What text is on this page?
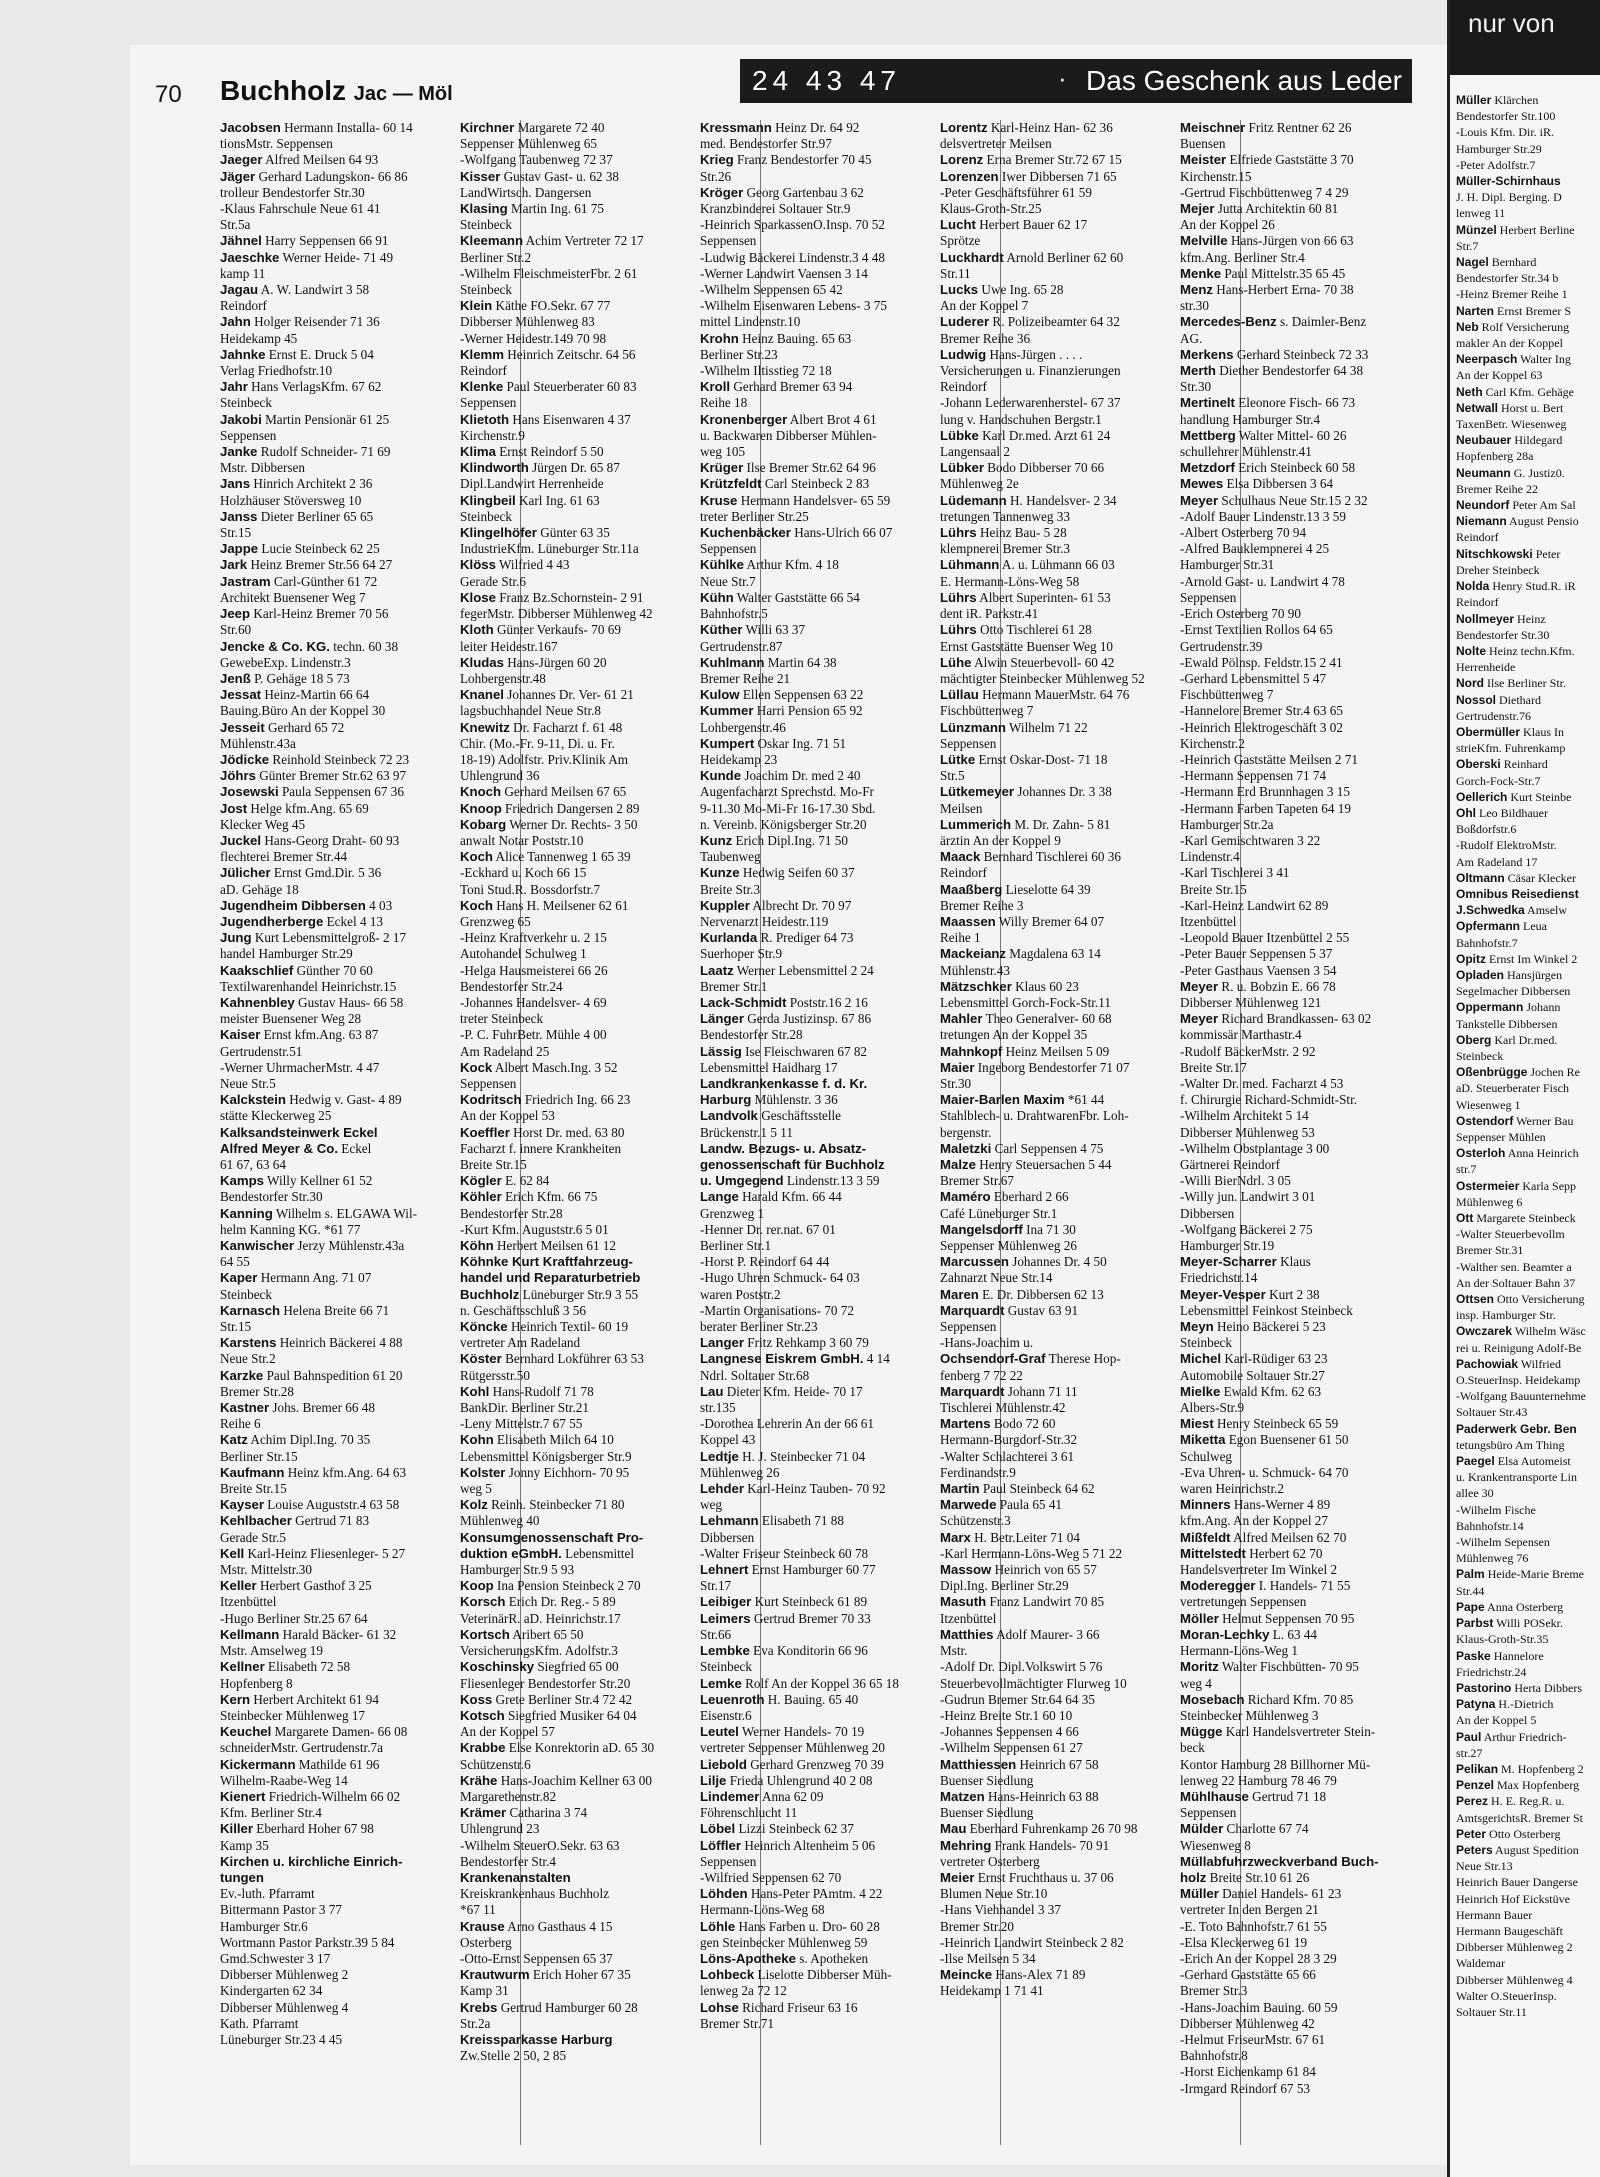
70 Buchholz Jac — Möl	24 43 47	· Das Geschenk aus Leder
Jacobsen Hermann Installa- 60 14
tionsMstr. Seppensen
Jaeger Alfred Meilsen 64 93
Jäger Gerhard Ladungskon- 66 86
trolleur Bendestorfer Str.30
-Klaus Fahrschule Neue 61 41
Str.5a
Jähnel Harry Seppensen 66 91
Jaeschke Werner Heide- 71 49
kamp 11
Jagau A. W. Landwirt 3 58
Reindorf
Jahn Holger Reisender 71 36
Heidekamp 45
Jahnke Ernst E. Druck 5 04
Verlag Friedhofstr.10
Jahr Hans VerlagsKfm. 67 62
Steinbeck
Jakobi Martin Pensionär 61 25
Seppensen
Janke Rudolf Schneider- 71 69
Mstr. Dibbersen
Jans Hinrich Architekt 2 36
Holzhäuser Stöversweg 10
Janss Dieter Berliner 65 65
Str.15
Jappe Lucie Steinbeck 62 25
Jark Heinz Bremer Str.56 64 27
Jastram Carl-Günther 61 72
Architekt Buensener Weg 7
Jeep Karl-Heinz Bremer 70 56
Str.60
Jencke & Co. KG. techn. 60 38
GewebeExp. Lindenstr.3
Jenß P. Gehäge 18 5 73
Jessat Heinz-Martin 66 64
Bauing.Büro An der Koppel 30
Jesseit Gerhard 65 72
Mühlenstr.43a
Jödicke Reinhold Steinbeck 72 23
Jöhrs Günter Bremer Str.62 63 97
Josewski Paula Seppensen 67 36
Jost Helge kfm.Ang. 65 69
Klecker Weg 45
Juckel Hans-Georg Draht- 60 93
flechterei Bremer Str.44
Jülicher Ernst Gmd.Dir. 5 36
aD. Gehäge 18
Jugendheim Dibbersen 4 03
Jugendherberge Eckel 4 13
Jung Kurt Lebensmittelgroß- 2 17
handel Hamburger Str.29
Kaakschlief Günther 70 60
Textilwarenhandel Heinrichstr.15
Kahnenbley Gustav Haus- 66 58
meister Buensener Weg 28
Kaiser Ernst kfm.Ang. 63 87
Gertrudenstr.51
-Werner UhrmacherMstr. 4 47
Neue Str.5
Kalckstein Hedwig v. Gast- 4 89
stätte Kleckerweg 25
Kalksandsteinwerk Eckel
Alfred Meyer & Co. Eckel
61 67, 63 64
Kamps Willy Kellner 61 52
Bendestorfer Str.30
Kanning Wilhelm s. ELGAWA Wil-
helm Kanning KG. *61 77
Kanwischer Jerzy Mühlenstr.43a
64 55
Kaper Hermann Ang. 71 07
Steinbeck
Karnasch Helena Breite 66 71
Str.15
Karstens Heinrich Bäckerei 4 88
Neue Str.2
Karzke Paul Bahnspedition 61 20
Bremer Str.28
Kastner Johs. Bremer 66 48
Reihe 6
Katz Achim Dipl.Ing. 70 35
Berliner Str.15
Kaufmann Heinz kfm.Ang. 64 63
Breite Str.15
Kayser Louise Auguststr.4 63 58
Kehlbacher Gertrud 71 83
Gerade Str.5
Kell Karl-Heinz Fliesenleger- 5 27
Mstr. Mittelstr.30
Keller Herbert Gasthof 3 25
Itzenbüttel
-Hugo Berliner Str.25 67 64
Kellmann Harald Bäcker- 61 32
Mstr. Amselweg 19
Kellner Elisabeth 72 58
Hopfenberg 8
Kern Herbert Architekt 61 94
Steinbecker Mühlenweg 17
Keuchel Margarete Damen- 66 08
schneiderMstr. Gertrudenstr.7a
Kickermann Mathilde 61 96
Wilhelm-Raabe-Weg 14
Kienert Friedrich-Wilhelm 66 02
Kfm. Berliner Str.4
Killer Eberhard Hoher 67 98
Kamp 35
Kirchen u. kirchliche Einrich-
tungen
Ev.-luth. Pfarramt
Bittermann Pastor 3 77
Hamburger Str.6
Wortmann Pastor Parkstr.39 5 84
Gmd.Schwester 3 17
Dibberser Mühlenweg 2
Kindergarten 62 34
Dibberser Mühlenweg 4
Kath. Pfarramt
Lüneburger Str.23 4 45
Kirchner Margarete 72 40
Seppenser Mühlenweg 65
-Wolfgang Taubenweg 72 37
Kisser Gustav Gast- u. 62 38
LandWirtsch. Dangersen
Klasing Martin Ing. 61 75
Steinbeck
Kleemann Achim Vertreter 72 17
Berliner Str.2
-Wilhelm FleischmeisterFbr. 2 61
Steinbeck
Klein Käthe FO.Sekr. 67 77
Dibberser Mühlenweg 83
-Werner Heidestr.149 70 98
Klemm Heinrich Zeitschr. 64 56
Reindorf
Klenke Paul Steuerberater 60 83
Seppensen
Klietoth Hans Eisenwaren 4 37
Kirchenstr.9
Klima Ernst Reindorf 5 50
Klindworth Jürgen Dr. 65 87
Dipl.Landwirt Herrenheide
Klingbeil Karl Ing. 61 63
Steinbeck
Klingelhöfer Günter 63 35
IndustrieKfm. Lüneburger Str.11a
Klöss Wilfried 4 43
Gerade Str.6
Klose Franz Bz.Schornstein- 2 91
fegerMstr. Dibberser Mühlenweg 42
Kloth Günter Verkaufs- 70 69
leiter Heidestr.167
Kludas Hans-Jürgen 60 20
Lohbergenstr.48
Knanel Johannes Dr. Ver- 61 21
lagsbuchhandel Neue Str.8
Knewitz Dr. Facharzt f. 61 48
Chir. (Mo.-Fr. 9-11, Di. u. Fr.
18-19) Adolfstr. Priv.Klinik Am
Uhlengrund 36
Knoch Gerhard Meilsen 67 65
Knoop Friedrich Dangersen 2 89
Kobarg Werner Dr. Rechts- 3 50
anwalt Notar Poststr.10
Koch Alice Tannenweg 1 65 39
-Eckhard u. Koch 66 15
Toni Stud.R. Bossdorfstr.7
Koch Hans H. Meilsener 62 61
Grenzweg 65
-Heinz Kraftverkehr u. 2 15
Autohandel Schulweg 1
-Helga Hausmeisterei 66 26
Bendestorfer Str.24
-Johannes Handelsver- 4 69
treter Steinbeck
-P. C. FuhrBetr. Mühle 4 00
Am Radeland 25
Kock Albert Masch.Ing. 3 52
Seppensen
Kodritsch Friedrich Ing. 66 23
An der Koppel 53
Koeffler Horst Dr. med. 63 80
Facharzt f. innere Krankheiten
Breite Str.15
Kögler E. 62 84
Köhler Erich Kfm. 66 75
Bendestorfer Str.28
-Kurt Kfm. Auguststr.6 5 01
Köhn Herbert Meilsen 61 12
Köhnke Kurt Kraftfahrzeug-
handel und Reparaturbetrieb
Buchholz Lüneburger Str.9 3 55
n. Geschäftsschluß 3 56
Köncke Heinrich Textil- 60 19
vertreter Am Radeland
Köster Bernhard Lokführer 63 53
Rütgersstr.50
Kohl Hans-Rudolf 71 78
BankDir. Berliner Str.21
-Leny Mittelstr.7 67 55
Kohn Elisabeth Milch 64 10
Lebensmittel Königsberger Str.9
Kolster Jonny Eichhorn- 70 95
weg 5
Kolz Reinh. Steinbecker 71 80
Mühlenweg 40
Konsumgenossenschaft Pro-
duktion eGmbH. Lebensmittel
Hamburger Str.9 5 93
Koop Ina Pension Steinbeck 2 70
Korsch Erich Dr. Reg.- 5 89
VeterinärR. aD. Heinrichstr.17
Kortsch Aribert 65 50
VersicherungsKfm. Adolfstr.3
Koschinsky Siegfried 65 00
Fliesenleger Bendestorfer Str.20
Koss Grete Berliner Str.4 72 42
Kotsch Siegfried Musiker 64 04
An der Koppel 57
Krabbe Else Konrektorin aD. 65 30
Schützenstr.6
Krähe Hans-Joachim Kellner 63 00
Margarethenstr.82
Krämer Catharina 3 74
Uhlengrund 23
-Wilhelm SteuerO.Sekr. 63 63
Bendestorfer Str.4
Krankenanstalten
Kreiskrankenhaus Buchholz
*67 11
Krause Arno Gasthaus 4 15
Osterberg
-Otto-Ernst Seppensen 65 37
Krautwurm Erich Hoher 67 35
Kamp 31
Krebs Gertrud Hamburger 60 28
Str.2a
Kreissparkasse Harburg
Zw.Stelle 2 50, 2 85
Kressmann Heinz Dr. 64 92
med. Bendestorfer Str.97
Krieg Franz Bendestorfer 70 45
Str.26
Kröger Georg Gartenbau 3 62
Kranzbinderei Soltauer Str.9
-Heinrich SparkassenO.Insp. 70 52
Seppensen
-Ludwig Bäckerei Lindenstr.3 4 48
-Werner Landwirt Vaensen 3 14
-Wilhelm Seppensen 65 42
-Wilhelm Eisenwaren Lebens- 3 75
mittel Lindenstr.10
Krohn Heinz Bauing. 65 63
Berliner Str.23
-Wilhelm Iltisstieg 72 18
Kroll Gerhard Bremer 63 94
Reihe 18
Kronenberger Albert Brot 4 61
u. Backwaren Dibberser Mühlen-
weg 105
Krüger Ilse Bremer Str.62 64 96
Krützfeldt Carl Steinbeck 2 83
Kruse Hermann Handelsver- 65 59
treter Berliner Str.25
Kuchenbäcker Hans-Ulrich 66 07
Seppensen
Kühlke Arthur Kfm. 4 18
Neue Str.7
Kühn Walter Gaststätte 66 54
Bahnhofstr.5
Küther Willi 63 37
Gertrudenstr.87
Kuhlmann Martin 64 38
Bremer Reihe 21
Kulow Ellen Seppensen 63 22
Kummer Harri Pension 65 92
Lohbergenstr.46
Kumpert Oskar Ing. 71 51
Heidekamp 23
Kunde Joachim Dr. med 2 40
Augenfacharzt Sprechstd. Mo-Fr
9-11.30 Mo-Mi-Fr 16-17.30 Sbd.
n. Vereinb. Königsberger Str.20
Kunz Erich Dipl.Ing. 71 50
Taubenweg
Kunze Hedwig Seifen 60 37
Breite Str.3
Kuppler Albrecht Dr. 70 97
Nervenarzt Heidestr.119
Kurlanda R. Prediger 64 73
Suerhoper Str.9
Laatz Werner Lebensmittel 2 24
Bremer Str.1
Lack-Schmidt Poststr.16 2 16
Länger Gerda Justizinsp. 67 86
Bendestorfer Str.28
Lässig Ise Fleischwaren 67 82
Lebensmittel Haidharg 17
Landkrankenkasse f. d. Kr.
Harburg Mühlenstr. 3 36
Landvolk Geschäftsstelle
Brückenstr.1 5 11
Landw. Bezugs- u. Absatz-
genossenschaft für Buchholz
u. Umgegend Lindenstr.13 3 59
Lange Harald Kfm. 66 44
Grenzweg 1
-Henner Dr. rer.nat. 67 01
Berliner Str.1
-Horst P. Reindorf 64 44
-Hugo Uhren Schmuck- 64 03
waren Poststr.2
-Martin Organisations- 70 72
berater Berliner Str.23
Langer Fritz Rehkamp 3 60 79
Langnese Eiskrem GmbH. 4 14
Ndrl. Soltauer Str.68
Lau Dieter Kfm. Heide- 70 17
str.135
-Dorothea Lehrerin An der 66 61
Koppel 43
Ledtje H. J. Steinbecker 71 04
Mühlenweg 26
Lehder Karl-Heinz Tauben- 70 92
weg
Lehmann Elisabeth 71 88
Dibbersen
-Walter Friseur Steinbeck 60 78
Lehnert Ernst Hamburger 60 77
Str.17
Leibiger Kurt Steinbeck 61 89
Leimers Gertrud Bremer 70 33
Str.66
Lembke Eva Konditorin 66 96
Steinbeck
Lemke Rolf An der Koppel 36 65 18
Leuenroth H. Bauing. 65 40
Eisenstr.6
Leutel Werner Handels- 70 19
vertreter Seppenser Mühlenweg 20
Liebold Gerhard Grenzweg 70 39
Lilje Frieda Uhlengrund 40 2 08
Lindemer Anna 62 09
Föhrenschlucht 11
Löbel Lizzi Steinbeck 62 37
Löffler Heinrich Altenheim 5 06
Seppensen
-Wilfried Seppensen 62 70
Löhden Hans-Peter PAmtm. 4 22
Hermann-Löns-Weg 68
Löhle Hans Farben u. Dro- 60 28
gen Steinbecker Mühlenweg 59
Löns-Apotheke s. Apotheken
Lohbeck Liselotte Dibberser Müh-
lenweg 2a 72 12
Lohse Richard Friseur 63 16
Bremer Str.71
Lorentz Karl-Heinz Han- 62 36
delsvertreter Meilsen
Lorenz Erna Bremer Str.72 67 15
Lorenzen Iwer Dibbersen 71 65
-Peter Geschäftsführer 61 59
Klaus-Groth-Str.25
Lucht Herbert Bauer 62 17
Sprötze
Luckhardt Arnold Berliner 62 60
Str.11
Lucks Uwe Ing. 65 28
An der Koppel 7
Luderer R. Polizeibeamter 64 32
Bremer Reihe 36
Ludwig Hans-Jürgen . . . .
Versicherungen u. Finanzierungen
Reindorf
-Johann Lederwarenherstel- 67 37
lung v. Handschuhen Bergstr.1
Lübke Karl Dr.med. Arzt 61 24
Langensaal 2
Lübker Bodo Dibberser 70 66
Mühlenweg 2e
Lüdemann H. Handelsver- 2 34
tretungen Tannenweg 33
Lührs Heinz Bau- 5 28
klempnerei Bremer Str.3
Lühmann A. u. Lühmann 66 03
E. Hermann-Löns-Weg 58
Lührs Albert Superinten- 61 53
dent iR. Parkstr.41
Lührs Otto Tischlerei 61 28
Ernst Gaststätte Buenser Weg 10
Lühe Alwin Steuerbevoll- 60 42
mächtigter Steinbecker Mühlenweg 52
Lüllau Hermann MauerMstr. 64 76
Fischbüttenweg 7
Lünzmann Wilhelm 71 22
Seppensen
Lütke Ernst Oskar-Dost- 71 18
Str.5
Lütkemeyer Johannes Dr. 3 38
Meilsen
Lummerich M. Dr. Zahn- 5 81
ärztin An der Koppel 9
Maack Bernhard Tischlerei 60 36
Reindorf
Maaßberg Lieselotte 64 39
Bremer Reihe 3
Maassen Willy Bremer 64 07
Reihe 1
Mackeianz Magdalena 63 14
Mühlenstr.43
Mätzschker Klaus 60 23
Lebensmittel Gorch-Fock-Str.11
Mahler Theo Generalver- 60 68
tretungen An der Koppel 35
Mahnkopf Heinz Meilsen 5 09
Maier Ingeborg Bendestorfer 71 07
Str.30
Maier-Barlen Maxim *61 44
Stahlblech- u. DrahtwarenFbr. Loh-
bergenstr.
Maletzki Carl Seppensen 4 75
Malze Henry Steuersachen 5 44
Bremer Str.67
Maméro Eberhard 2 66
Café Lüneburger Str.1
Mangelsdorff Ina 71 30
Seppenser Mühlenweg 26
Marcussen Johannes Dr. 4 50
Zahnarzt Neue Str.14
Maren E. Dr. Dibbersen 62 13
Marquardt Gustav 63 91
Seppensen
-Hans-Joachim u.
Ochsendorf-Graf Therese Hop-
fenberg 7 72 22
Marquardt Johann 71 11
Tischlerei Mühlenstr.42
Martens Bodo 72 60
Hermann-Burgdorf-Str.32
-Walter Schlachterei 3 61
Ferdinandstr.9
Martin Paul Steinbeck 64 62
Marwede Paula 65 41
Schützenstr.3
Marx H. Betr.Leiter 71 04
-Karl Hermann-Löns-Weg 5 71 22
Massow Heinrich von 65 57
Dipl.Ing. Berliner Str.29
Masuth Franz Landwirt 70 85
Itzenbüttel
Matthies Adolf Maurer- 3 66
Mstr.
-Adolf Dr. Dipl.Volkswirt 5 76
Steuerbevollmächtigter Flurweg 10
-Gudrun Bremer Str.64 64 35
-Heinz Breite Str.1 60 10
-Johannes Seppensen 4 66
-Wilhelm Seppensen 61 27
Matthiessen Heinrich 67 58
Buenser Siedlung
Matzen Hans-Heinrich 63 88
Buenser Siedlung
Mau Eberhard Fuhrenkamp 26 70 98
Mehring Frank Handels- 70 91
vertreter Osterberg
Meier Ernst Fruchthaus u. 37 06
Blumen Neue Str.10
-Hans Viehhandel 3 37
Bremer Str.20
-Heinrich Landwirt Steinbeck 2 82
-Ilse Meilsen 5 34
Meincke Hans-Alex 71 89
Heidekamp 1 71 41
Meischner Fritz Rentner 62 26
Buensen
Meister Elfriede Gaststätte 3 70
Kirchenstr.15
-Gertrud Fischbüttenweg 7 4 29
Mejer Jutta Architektin 60 81
An der Koppel 26
Melville Hans-Jürgen von 66 63
kfm.Ang. Berliner Str.4
Menke Paul Mittelstr.35 65 45
Menz Hans-Herbert Erna- 70 38
str.30
Mercedes-Benz s. Daimler-Benz
AG.
Merkens Gerhard Steinbeck 72 33
Merth Diether Bendestorfer 64 38
Str.30
Mertinelt Eleonore Fisch- 66 73
handlung Hamburger Str.4
Mettberg Walter Mittel- 60 26
schullehrer Mühlenstr.41
Metzdorf Erich Steinbeck 60 58
Mewes Elsa Dibbersen 3 64
Meyer Schulhaus Neue Str.15 2 32
-Adolf Bauer Lindenstr.13 3 59
-Albert Osterberg 70 94
-Alfred Bauklempnerei 4 25
Hamburger Str.31
-Arnold Gast- u. Landwirt 4 78
Seppensen
-Erich Osterberg 70 90
-Ernst Textilien Rollos 64 65
Gertrudenstr.39
-Ewald Pölnsp. Feldstr.15 2 41
-Gerhard Lebensmittel 5 47
Fischbüttenweg 7
-Hannelore Bremer Str.4 63 65
-Heinrich Elektrogeschäft 3 02
Kirchenstr.2
-Heinrich Gaststätte Meilsen 2 71
-Hermann Seppensen 71 74
-Hermann Erd Brunnhagen 3 15
-Hermann Farben Tapeten 64 19
Hamburger Str.2a
-Karl Gemischtwaren 3 22
Lindenstr.4
-Karl Tischlerei 3 41
Breite Str.15
-Karl-Heinz Landwirt 62 89
Itzenbüttel
-Leopold Bauer Itzenbüttel 2 55
-Peter Bauer Seppensen 5 37
-Peter Gasthaus Vaensen 3 54
Meyer R. u. Bobzin E. 66 78
Dibberser Mühlenweg 121
Meyer Richard Brandkassen- 63 02
kommissär Marthastr.4
-Rudolf BäckerMstr. 2 92
Breite Str.17
-Walter Dr. med. Facharzt 4 53
f. Chirurgie Richard-Schmidt-Str.
-Wilhelm Architekt 5 14
Dibberser Mühlenweg 53
-Wilhelm Obstplantage 3 00
Gärtnerei Reindorf
-Willi BierNdrl. 3 05
-Willy jun. Landwirt 3 01
Dibbersen
-Wolfgang Bäckerei 2 75
Hamburger Str.19
Meyer-Scharrer Klaus
Friedrichstr.14
Meyer-Vesper Kurt 2 38
Lebensmittel Feinkost Steinbeck
Meyn Heino Bäckerei 5 23
Steinbeck
Michel Karl-Rüdiger 63 23
Automobile Soltauer Str.27
Mielke Ewald Kfm. 62 63
Albers-Str.9
Miest Henry Steinbeck 65 59
Miketta Egon Buensener 61 50
Schulweg
-Eva Uhren- u. Schmuck- 64 70
waren Heinrichstr.2
Minners Hans-Werner 4 89
kfm.Ang. An der Koppel 27
Mißfeldt Alfred Meilsen 62 70
Mittelstedt Herbert 62 70
Handelsvertreter Im Winkel 2
Moderegger I. Handels- 71 55
vertretungen Seppensen
Möller Helmut Seppensen 70 95
Moran-Lechky L. 63 44
Hermann-Löns-Weg 1
Moritz Walter Fischbütten- 70 95
weg 4
Mosebach Richard Kfm. 70 85
Steinbecker Mühlenweg 3
Mügge Karl Handelsvertreter Stein-
beck
Kontor Hamburg 28 Billhorner Mü-
lenweg 22 Hamburg 78 46 79
Mühlhause Gertrud 71 18
Seppensen
Mülder Charlotte 67 74
Wiesenweg 8
Müllabfuhrzweckverband Buch-
holz Breite Str.10 61 26
Müller Daniel Handels- 61 23
vertreter In den Bergen 21
-E. Toto Bahnhofstr.7 61 55
-Elsa Kleckerweg 61 19
-Erich An der Koppel 28 3 29
-Gerhard Gaststätte 65 66
Bremer Str.3
-Hans-Joachim Bauing. 60 59
Dibberser Mühlenweg 42
-Helmut FriseurMstr. 67 61
Bahnhofstr.8
-Horst Eichenkamp 61 84
-Irmgard Reindorf 67 53
nur von
Müller Klärchen
Bendestorfer Str.100
-Louis Kfm. Dir. iR.
Hamburger Str.29
-Peter Adolfstr.7
Müller-Schirnhaus
J. H. Dipl. Berging. D
lenweg 11
Münzel Herbert Berline
Str.7
Nagel Bernhard
Bendestorfer Str.34 b
-Heinz Bremer Reihe 1
Narten Ernst Bremer S
Neb Rolf Versicherung
makler An der Koppel
Neerpasch Walter Ing
An der Koppel 63
Neth Carl Kfm. Gehäge
Netwall Horst u. Bert
TaxenBetr. Wiesenweg
Neubauer Hildegard
Hopfenberg 28a
Neumann G. Justiz0.
Bremer Reihe 22
Neundorf Peter Am Sal
Niemann August Pensio
Reindorf
Nitschkowski Peter
Dreher Steinbeck
Nolda Henry Stud.R. iR
Reindorf
Nollmeyer Heinz
Bendestorfer Str.30
Nolte Heinz techn.Kfm.
Herrenheide
Nord Ilse Berliner Str.
Nossol Diethard
Gertrudenstr.76
Obermüller Klaus In
strieKfm. Fuhrenkamp
Oberski Reinhard
Gorch-Fock-Str.7
Oellerich Kurt Steinbe
Ohl Leo Bildhauer
Boßdorfstr.6
-Rudolf ElektroMstr.
Am Radeland 17
Oltmann Cäsar Klecker
Omnibus Reisedienst
J.Schwedka Amselw
Opfermann Leua
Bahnhofstr.7
Opitz Ernst Im Winkel 2
Opladen Hansjürgen
Segelmacher Dibbersen
Oppermann Johann
Tankstelle Dibbersen
Oberg Karl Dr.med.
Steinbeck
Oßenbrügge Jochen Re
aD. Steuerberater Fisch
Wiesenweg 1
Ostendorf Werner Bau
Seppenser Mühlen
Osterloh Anna Heinrich
str.7
Ostermeier Karla Sepp
Mühlenweg 6
Ott Margarete Steinbeck
-Walter Steuerbevollm
Bremer Str.31
-Walther sen. Beamter a
An der Soltauer Bahn 37
Ottsen Otto Versicherung
insp. Hamburger Str.
Owczarek Wilhelm Wäsc
rei u. Reinigung Adolf-Be
Pachowiak Wilfried
O.SteuerInsp. Heidekamp
-Wolfgang Bauunternehme
Soltauer Str.43
Paderwerk Gebr. Ben
tetungsbüro Am Thing
Paegel Elsa Automeist
u. Krankentransporte Lin
allee 30
-Wilhelm Fische
Bahnhofstr.14
-Wilhelm Sepensen
Mühlenweg 76
Palm Heide-Marie Breme
Str.44
Pape Anna Osterberg
Parbst Willi POSekr.
Klaus-Groth-Str.35
Paske Hannelore
Friedrichstr.24
Pastorino Herta Dibbers
Patyna H.-Dietrich
An der Koppel 5
Paul Arthur Friedrich-
str.27
Pelikan M. Hopfenberg 2
Penzel Max Hopfenberg
Perez H. E. Reg.R. u.
AmtsgerichtsR. Bremer St
Peter Otto Osterberg
Peters August Spedition
Neue Str.13
Heinrich Bauer Dangerse
Heinrich Hof Eickstüve
Hermann Bauer
Hermann Baugeschäft
Dibberser Mühlenweg 2
Waldemar
Dibberser Mühlenweg 4
Walter O.SteuerInsp.
Soltauer Str.11
